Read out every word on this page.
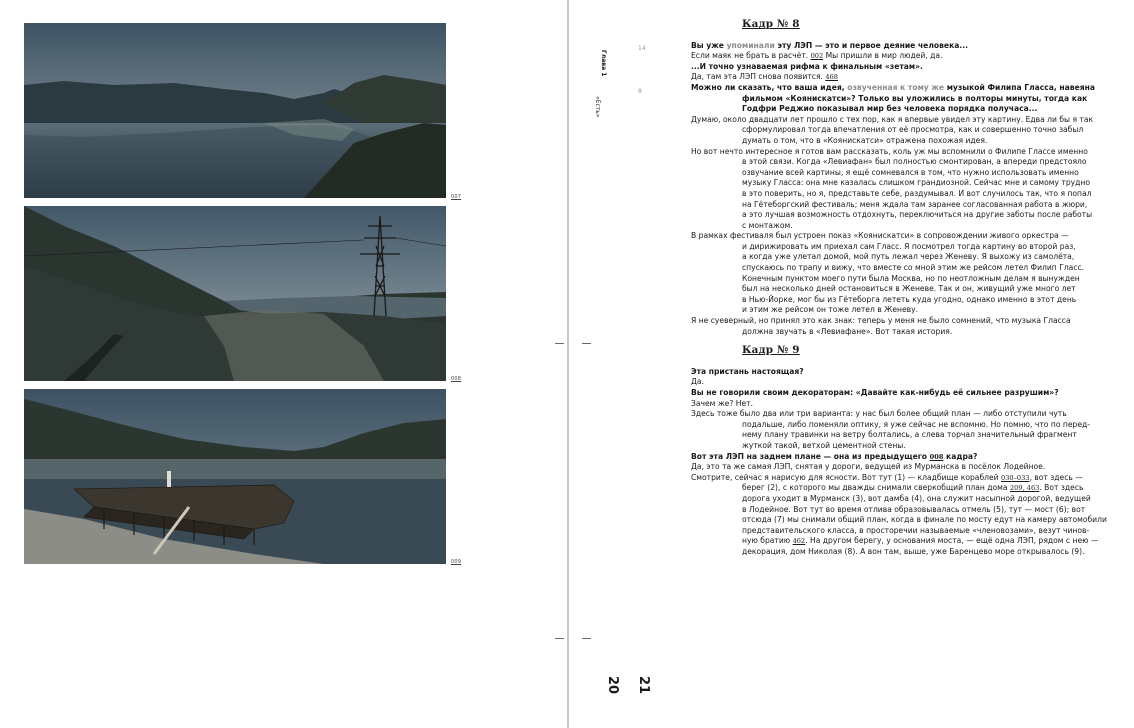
007
008
009
Глава 1
«Есть»
14
8
20 21
Кадр № 8
Вы уже упоминали эту ЛЭП — это и первое деяние человека...
Если маяк не брать в расчёт. 002 Мы пришли в мир людей, да.
...И точно узнаваемая рифма к финальным «зетам».
Да, там эта ЛЭП снова появится. 468
Можно ли сказать, что ваша идея, озвученная к тому же музыкой Филипа Гласса, навеяна
фильмом «Коянискатси»? Только вы уложились в полторы минуты, тогда как
Годфри Реджио показывал мир без человека порядка получаса...
Думаю, около двадцати лет прошло с тех пор, как я впервые увидел эту картину. Едва ли бы я так
сформулировал тогда впечатления от её просмотра, как и совершенно точно забыл
думать о том, что в «Коянискатси» отражена похожая идея.
Но вот нечто интересное я готов вам рассказать, коль уж мы вспомнили о Филипе Глассе именно
в этой связи. Когда «Левиафан» был полностью смонтирован, а впереди предстояло
озвучание всей картины, я ещё сомневался в том, что нужно использовать именно
музыку Гласса: она мне казалась слишком грандиозной. Сейчас мне и самому трудно
в это поверить, но я, представьте себе, раздумывал. И вот случилось так, что я попал
на Гётеборгский фестиваль; меня ждала там заранее согласованная работа в жюри,
а это лучшая возможность отдохнуть, переключиться на другие заботы после работы
с монтажом.
В рамках фестиваля был устроен показ «Коянискатси» в сопровождении живого оркестра —
и дирижировать им приехал сам Гласс. Я посмотрел тогда картину во второй раз,
а когда уже улетал домой, мой путь лежал через Женеву. Я выхожу из самолёта,
спускаюсь по трапу и вижу, что вместе со мной этим же рейсом летел Филип Гласс.
Конечным пунктом моего пути была Москва, но по неотложным делам я вынужден
был на несколько дней остановиться в Женеве. Так и он, живущий уже много лет
в Нью-Йорке, мог бы из Гётеборга лететь куда угодно, однако именно в этот день
и этим же рейсом он тоже летел в Женеву.
Я не суеверный, но принял это как знак: теперь у меня не было сомнений, что музыка Гласса
должна звучать в «Левиафане». Вот такая история.
Кадр № 9
Эта пристань настоящая?
Да.
Вы не говорили своим декораторам: «Давайте как-нибудь её сильнее разрушим»?
Зачем же? Нет.
Здесь тоже было два или три варианта: у нас был более общий план — либо отступили чуть
подальше, либо поменяли оптику, я уже сейчас не вспомню. Но помню, что по перед-
нему плану травинки на ветру болтались, а слева торчал значительный фрагмент
жуткой такой, ветхой цементной стены.
Вот эта ЛЭП на заднем плане — она из предыдущего 008 кадра?
Да, это та же самая ЛЭП, снятая у дороги, ведущей из Мурманска в посёлок Лодейное.
Смотрите, сейчас я нарисую для ясности. Вот тут (1) — кладбище кораблей 030–033, вот здесь —
берег (2), с которого мы дважды снимали сверкобщий план дома 209, 463. Вот здесь
дорога уходит в Мурманск (3), вот дамба (4), она служит насыпной дорогой, ведущей
в Лодейное. Вот тут во время отлива образовывалась отмель (5), тут — мост (6); вот
отсюда (7) мы снимали общий план, когда в финале по мосту едут на камеру автомобили
представительского класса, в просторечии называемые «членовозами», везут чинов-
ную братию 462. На другом берегу, у основания моста, — ещё одна ЛЭП, рядом с нею —
декорация, дом Николая (8). А вон там, выше, уже Баренцево море открывалось (9).
